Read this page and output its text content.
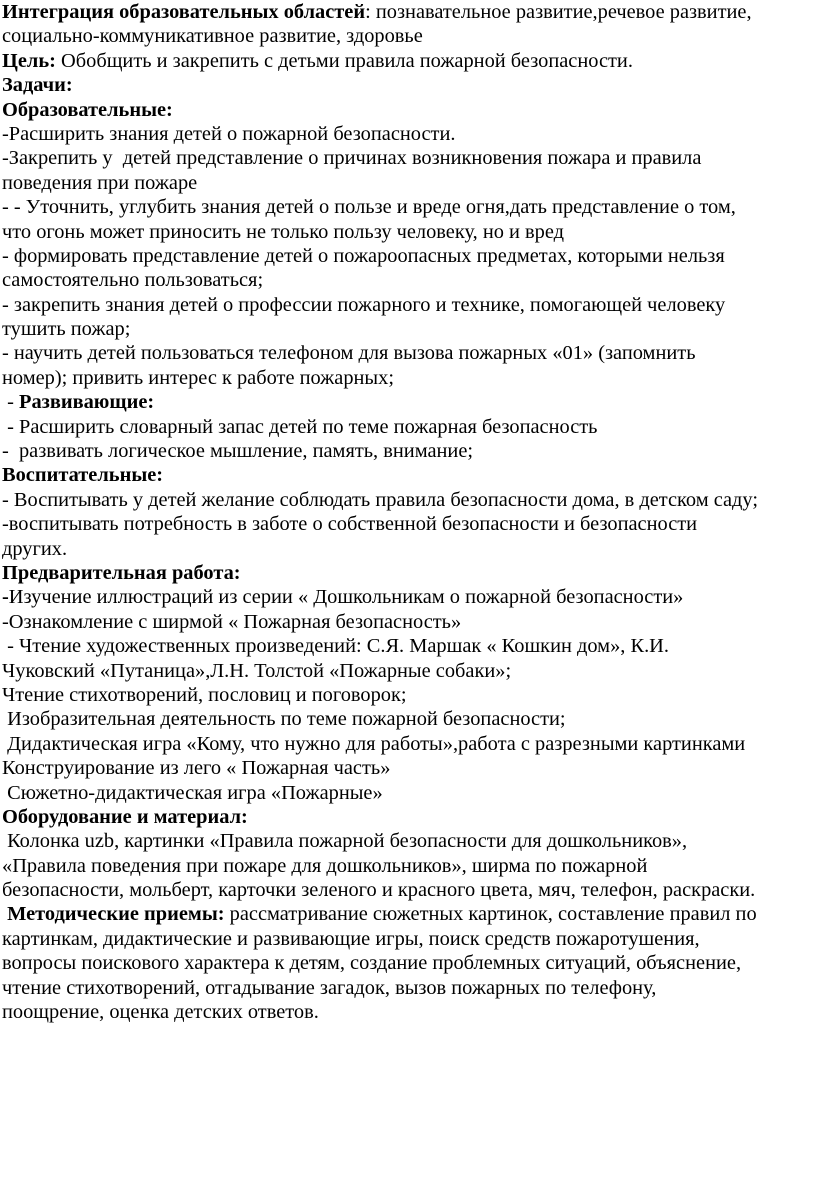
Интеграция образовательных областей: познавательное развитие,речевое развитие,
социально-коммуникативное развитие, здоровье
Цель: Обобщить и закрепить с детьми правила пожарной безопасности.
Задачи:
Образовательные:
-Расширить знания детей о пожарной безопасности.
-Закрепить у  детей представление о причинах возникновения пожара и правила
поведения при пожаре
- - Уточнить, углубить знания детей о пользе и вреде огня,дать представление о том,
что огонь может приносить не только пользу человеку, но и вред
- формировать представление детей о пожароопасных предметах, которыми нельзя
самостоятельно пользоваться;
- закрепить знания детей о профессии пожарного и технике, помогающей человеку
тушить пожар;
- научить детей пользоваться телефоном для вызова пожарных «01» (запомнить
номер); привить интерес к работе пожарных;
- Развивающие:
- Расширить словарный запас детей по теме пожарная безопасность
-  развивать логическое мышление, память, внимание;
Воспитательные:
- Воспитывать у детей желание соблюдать правила безопасности дома, в детском саду;
-воспитывать потребность в заботе о собственной безопасности и безопасности
других.
Предварительная работа:
-Изучение иллюстраций из серии « Дошкольникам о пожарной безопасности»
-Ознакомление с ширмой « Пожарная безопасность»
- Чтение художественных произведений: С.Я. Маршак « Кошкин дом», К.И.
Чуковский «Путаница»,Л.Н. Толстой «Пожарные собаки»;
Чтение стихотворений, пословиц и поговорок;
Изобразительная деятельность по теме пожарной безопасности;
Дидактическая игра «Кому, что нужно для работы»,работа с разрезными картинками
Конструирование из лего « Пожарная часть»
Сюжетно-дидактическая игра «Пожарные»
Оборудование и материал:
Колонка uzb, картинки «Правила пожарной безопасности для дошкольников»,
«Правила поведения при пожаре для дошкольников», ширма по пожарной
безопасности, мольберт, карточки зеленого и красного цвета, мяч, телефон, раскраски.
Методические приемы: рассматривание сюжетных картинок, составление правил по
картинкам, дидактические и развивающие игры, поиск средств пожаротушения,
вопросы поискового характера к детям, создание проблемных ситуаций, объяснение,
чтение стихотворений, отгадывание загадок, вызов пожарных по телефону,
поощрение, оценка детских ответов.
